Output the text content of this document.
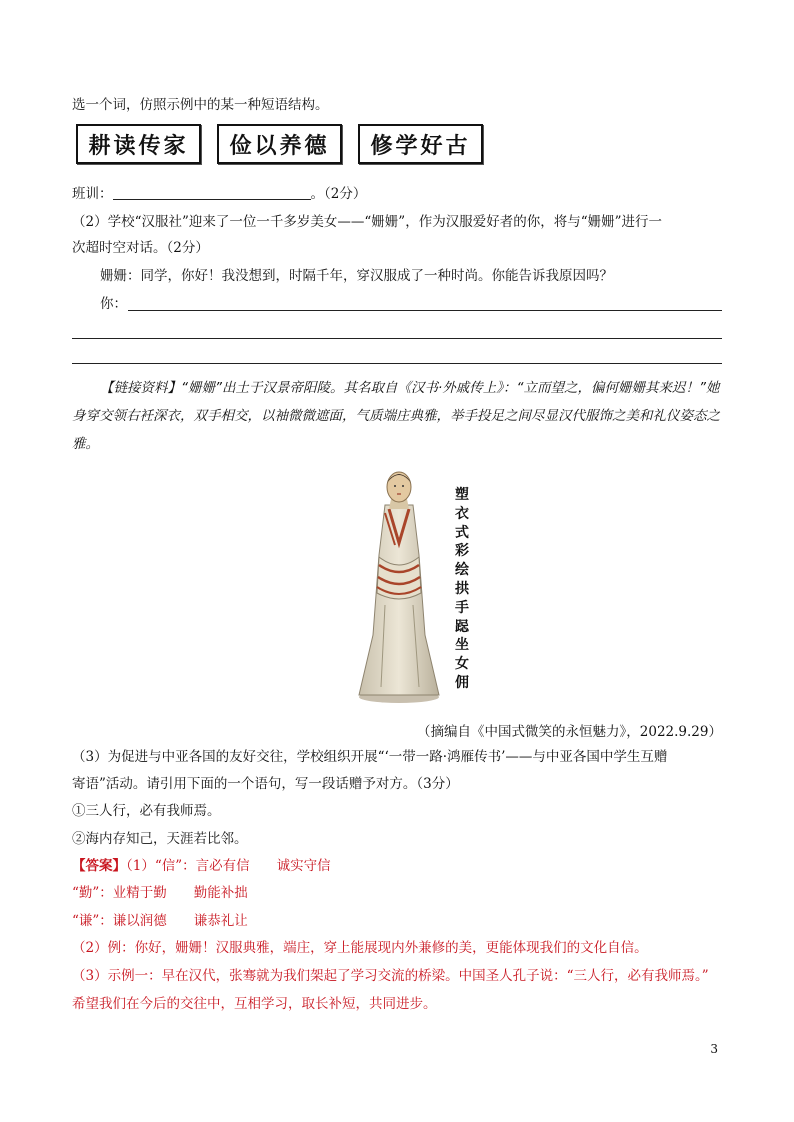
选一个词，仿照示例中的某一种短语结构。
耕读传家	俭以养德	修学好古
班训：	。（2分）
（2）学校“汉服社”迎来了一位一千多岁美女——“姗姗”，作为汉服爱好者的你，将与“姗姗”进行一
次超时空对话。（2分）
姗姗：同学，你好！我没想到，时隔千年，穿汉服成了一种时尚。你能告诉我原因吗？
你：
【链接资料】“姗姗”出土于汉景帝阳陵。其名取自《汉书·外戚传上》：“立而望之，偏何姗姗其来迟！”她身穿交领右衽深衣，双手相交，以袖微微遮面，气质端庄典雅，举手投足之间尽显汉代服饰之美和礼仪姿态之雅。
塑衣式彩绘拱手跽坐女佣
（摘编自《中国式微笑的永恒魅力》，2022.9.29）
（3）为促进与中亚各国的友好交往，学校组织开展“‘一带一路·鸿雁传书’——与中亚各国中学生互赠
寄语”活动。请引用下面的一个语句，写一段话赠予对方。（3分）
①三人行，必有我师焉。
②海内存知己，天涯若比邻。
【答案】（1）“信”：言必有信　　诚实守信
“勤”：业精于勤　　勤能补拙
“谦”：谦以润德　　谦恭礼让
（2）例：你好，姗姗！汉服典雅，端庄，穿上能展现内外兼修的美，更能体现我们的文化自信。
（3）示例一：早在汉代，张骞就为我们架起了学习交流的桥梁。中国圣人孔子说：“三人行，必有我师焉。”
希望我们在今后的交往中，互相学习，取长补短，共同进步。
3
